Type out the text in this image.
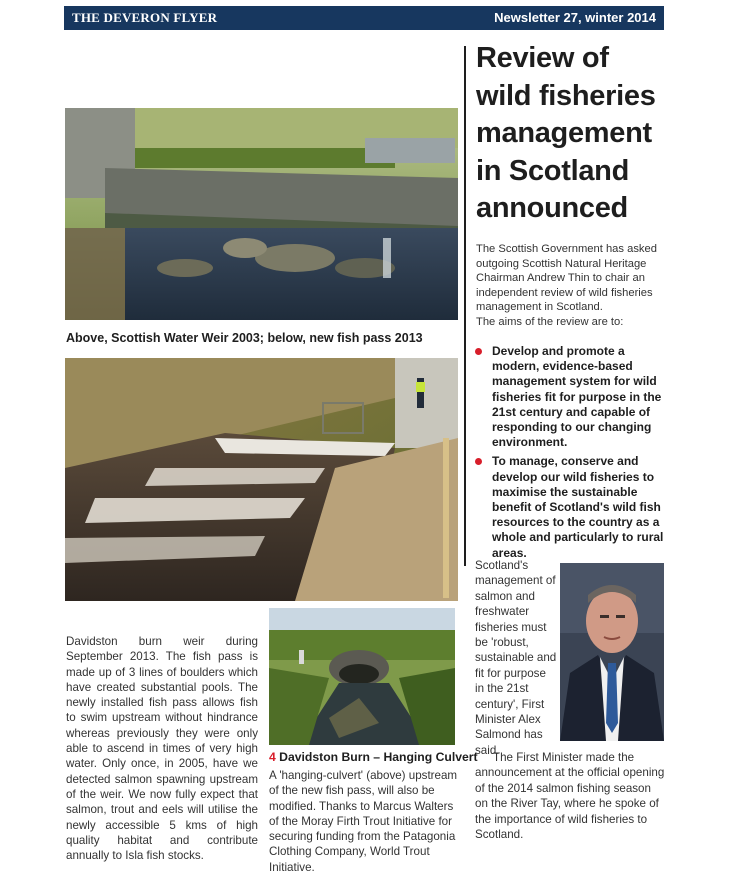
THE DEVERON FLYER	Newsletter 27, winter 2014
Above, Scottish Water Weir 2003; below, new fish pass 2013
Review of
wild fisheries
management
in Scotland
announced

The Scottish Government has asked outgoing Scottish Natural Heritage Chairman Andrew Thin to chair an independent review of wild fisheries management in Scotland.

The aims of the review are to:

Develop and promote a modern, evidence-based management system for wild fisheries fit for purpose in the 21st century and capable of responding to our changing environment.
To manage, conserve and develop our wild fisheries to maximise the sustainable benefit of Scotland's wild fish resources to the country as a whole and particularly to rural areas.
Scotland's management of salmon and freshwater fisheries must be 'robust, sustainable and fit for purpose in the 21st century', First Minister Alex Salmond has said.
The First Minister made the announcement at the official opening of the 2014 salmon fishing season on the River Tay, where he spoke of the importance of wild fisheries to Scotland.
Davidston burn weir during September 2013. The fish pass is made up of 3 lines of boulders which have created substantial pools. The newly installed fish pass allows fish to swim upstream without hindrance whereas previously they were only able to ascend in times of very high water. Only once, in 2005, have we detected salmon spawning upstream of the weir. We now fully expect that salmon, trout and eels will utilise the newly accessible 5 kms of high quality habitat and contribute annually to Isla fish stocks.
4 Davidston Burn – Hanging Culvert
A 'hanging-culvert' (above) upstream of the new fish pass, will also be modified. Thanks to Marcus Walters of the Moray Firth Trout Initiative for securing funding from the Patagonia Clothing Company, World Trout Initiative.
